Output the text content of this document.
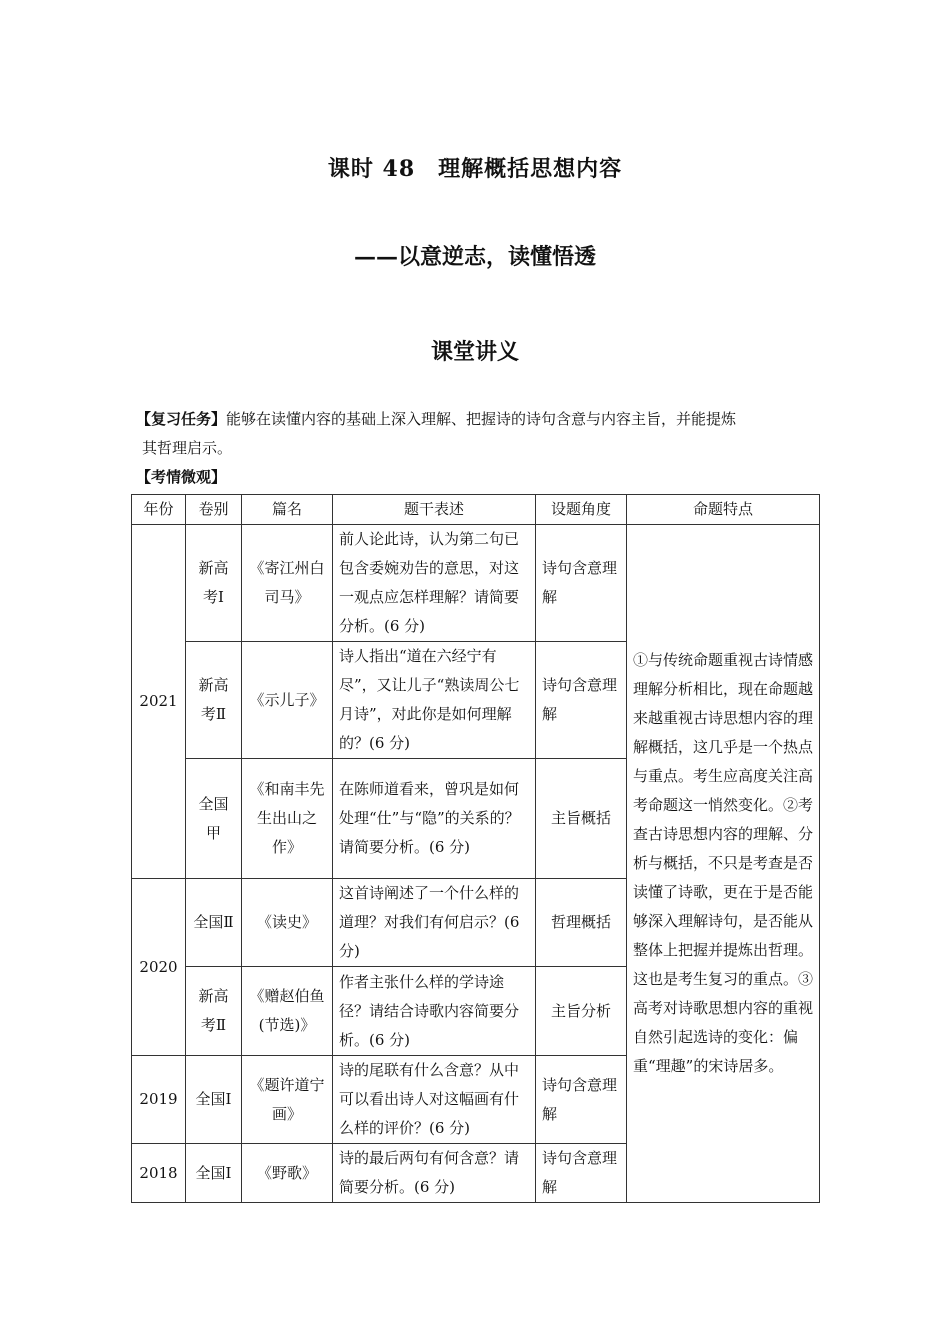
课时 48　理解概括思想内容
——以意逆志，读懂悟透
课堂讲义
【复习任务】能够在读懂内容的基础上深入理解、把握诗的诗句含意与内容主旨，并能提炼
其哲理启示。
【考情微观】
年份	卷别	篇名	题干表述	设题角度	命题特点
2021	新高考Ⅰ	《寄江州白司马》	前人论此诗，认为第二句已包含委婉劝告的意思，对这一观点应怎样理解？请简要分析。(6 分)	诗句含意理解	①与传统命题重视古诗情感理解分析相比，现在命题越来越重视古诗思想内容的理解概括，这几乎是一个热点与重点。考生应高度关注高考命题这一悄然变化。②考查古诗思想内容的理解、分析与概括，不只是考查是否读懂了诗歌，更在于是否能够深入理解诗句，是否能从整体上把握并提炼出哲理。这也是考生复习的重点。③高考对诗歌思想内容的重视自然引起选诗的变化：偏重“理趣”的宋诗居多。
	新高考Ⅱ	《示儿子》	诗人指出“道在六经宁有尽”，又让儿子“熟读周公七月诗”，对此你是如何理解的？(6 分)	诗句含意理解	
	全国甲	《和南丰先生出山之作》	在陈师道看来，曾巩是如何处理“仕”与“隐”的关系的？请简要分析。(6 分)	主旨概括	
2020	全国Ⅱ	《读史》	这首诗阐述了一个什么样的道理？对我们有何启示？(6 分)	哲理概括	
	新高考Ⅱ	《赠赵伯鱼(节选)》	作者主张什么样的学诗途径？请结合诗歌内容简要分析。(6 分)	主旨分析	
2019	全国Ⅰ	《题许道宁画》	诗的尾联有什么含意？从中可以看出诗人对这幅画有什么样的评价？(6 分)	诗句含意理解	
2018	全国Ⅰ	《野歌》	诗的最后两句有何含意？请简要分析。(6 分)	诗句含意理解	
